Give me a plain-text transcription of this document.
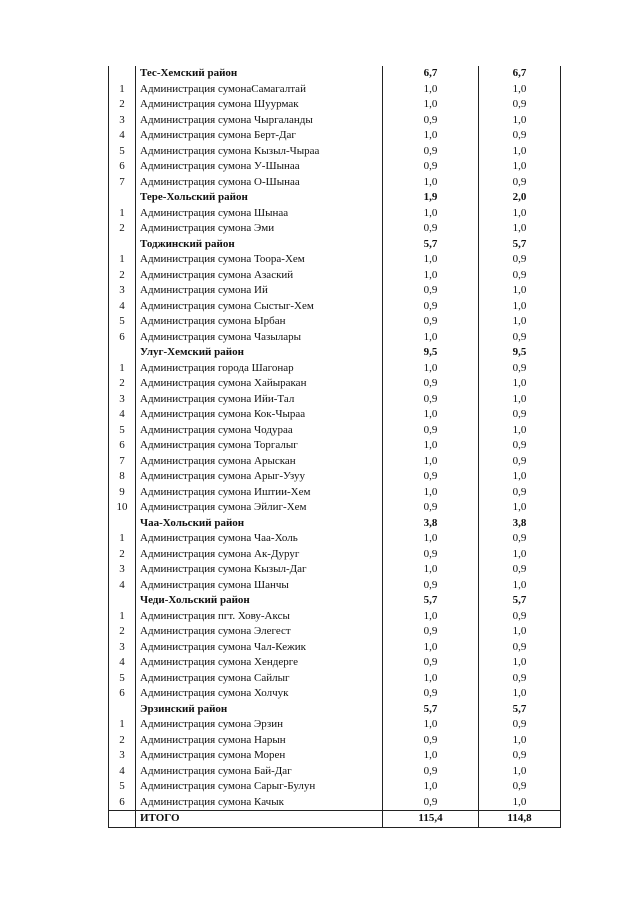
	Тес-Хемский район	6,7	6,7
1	Администрация сумонаСамагалтай	1,0	1,0
2	Администрация сумона Шуурмак	1,0	0,9
3	Администрация сумона Чыргаланды	0,9	1,0
4	Администрация сумона Берт-Даг	1,0	0,9
5	Администрация сумона Кызыл-Чыраа	0,9	1,0
6	Администрация сумона У-Шынаа	0,9	1,0
7	Администрация сумона О-Шынаа	1,0	0,9
	Тере-Хольский район	1,9	2,0
1	Администрация сумона Шынаа	1,0	1,0
2	Администрация сумона Эми	0,9	1,0
	Тоджинский район	5,7	5,7
1	Администрация сумона Тоора-Хем	1,0	0,9
2	Администрация сумона Азаский	1,0	0,9
3	Администрация сумона Ий	0,9	1,0
4	Администрация сумона Сыстыг-Хем	0,9	1,0
5	Администрация сумона Ырбан	0,9	1,0
6	Администрация сумона Чазылары	1,0	0,9
	Улуг-Хемский район	9,5	9,5
1	Администрация города Шагонар	1,0	0,9
2	Администрация сумона Хайыракан	0,9	1,0
3	Администрация сумона Ийи-Тал	0,9	1,0
4	Администрация сумона Кок-Чыраа	1,0	0,9
5	Администрация сумона Чодураа	0,9	1,0
6	Администрация сумона Торгалыг	1,0	0,9
7	Администрация сумона Арыскан	1,0	0,9
8	Администрация сумона Арыг-Узуу	0,9	1,0
9	Администрация сумона Иштии-Хем	1,0	0,9
10	Администрация сумона Эйлиг-Хем	0,9	1,0
	Чаа-Хольский район	3,8	3,8
1	Администрация сумона Чаа-Холь	1,0	0,9
2	Администрация сумона Ак-Дуруг	0,9	1,0
3	Администрация сумона Кызыл-Даг	1,0	0,9
4	Администрация сумона Шанчы	0,9	1,0
	Чеди-Хольский район	5,7	5,7
1	Администрация пгт. Хову-Аксы	1,0	0,9
2	Администрация сумона Элегест	0,9	1,0
3	Администрация сумона Чал-Кежик	1,0	0,9
4	Администрация сумона Хендерге	0,9	1,0
5	Администрация сумона Сайлыг	1,0	0,9
6	Администрация сумона Холчук	0,9	1,0
	Эрзинский район	5,7	5,7
1	Администрация сумона Эрзин	1,0	0,9
2	Администрация сумона Нарын	0,9	1,0
3	Администрация сумона Морен	1,0	0,9
4	Администрация сумона Бай-Даг	0,9	1,0
5	Администрация сумона Сарыг-Булун	1,0	0,9
6	Администрация сумона Качык	0,9	1,0
	ИТОГО	115,4	114,8
